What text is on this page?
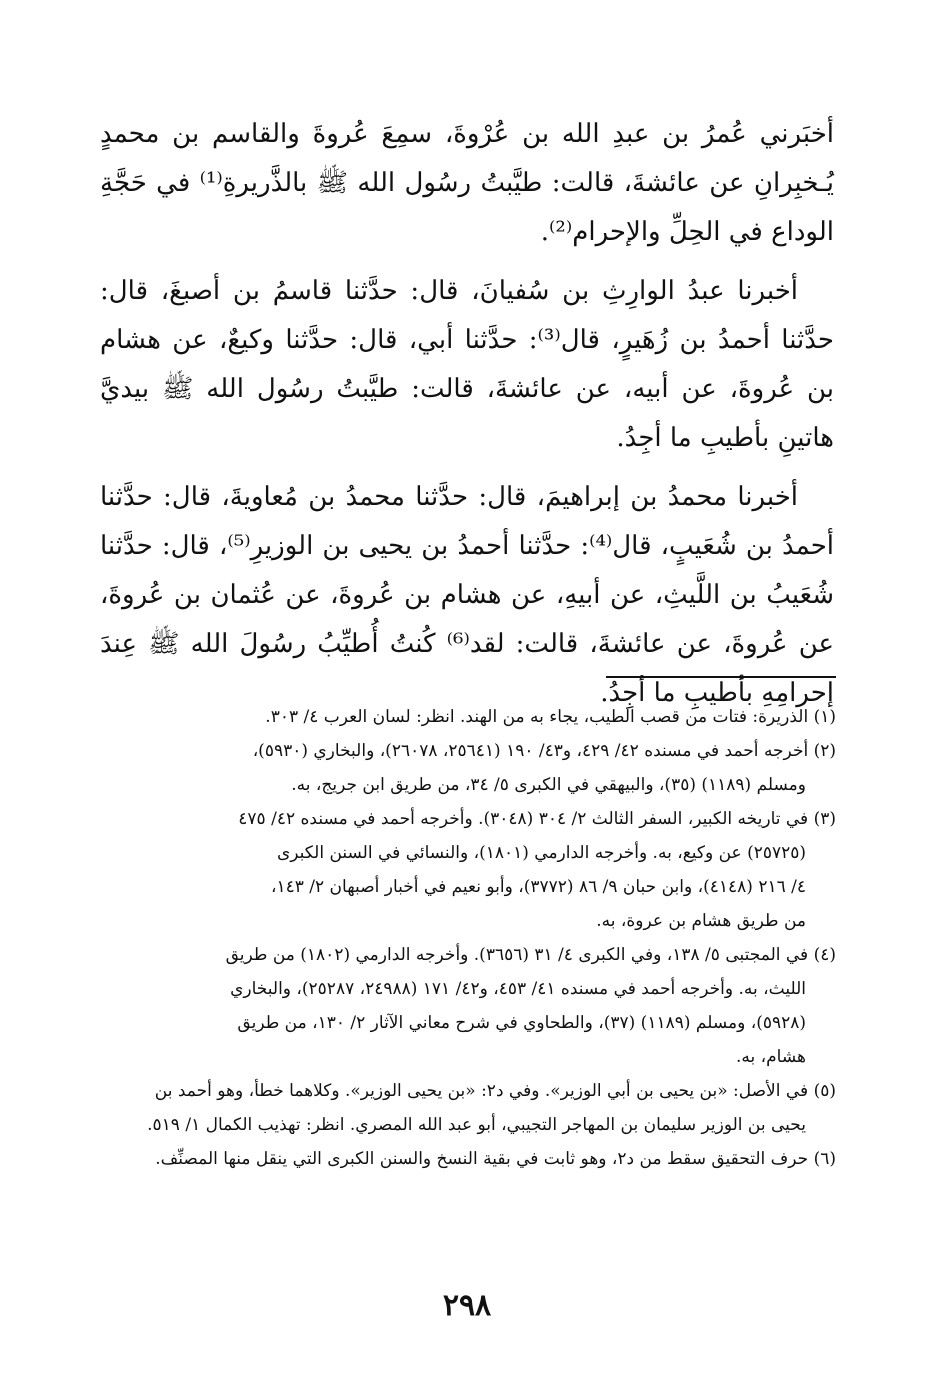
أخبَرني عُمرُ بن عبدِ الله بن عُرْوةَ، سمِعَ عُروةَ والقاسم بن محمدٍ يُـخبِرانِ عن عائشةَ، قالت: طيَّبتُ رسُول الله ﷺ بالذَّريرةِ⁽¹⁾ في حَجَّةِ الوداع في الحِلِّ والإحرام⁽²⁾.

أخبرنا عبدُ الوارِثِ بن سُفيانَ، قال: حدَّثنا قاسمُ بن أصبغَ، قال: حدَّثنا أحمدُ بن زُهَيرٍ، قال⁽³⁾: حدَّثنا أبي، قال: حدَّثنا وكيعٌ، عن هشام بن عُروةَ، عن أبيه، عن عائشةَ، قالت: طيَّبتُ رسُول الله ﷺ بيديَّ هاتينِ بأطيبِ ما أجِدُ.

أخبرنا محمدُ بن إبراهيمَ، قال: حدَّثنا محمدُ بن مُعاويةَ، قال: حدَّثنا أحمدُ بن شُعَيبٍ، قال⁽⁴⁾: حدَّثنا أحمدُ بن يحيى بن الوزيرِ⁽⁵⁾، قال: حدَّثنا شُعَيبُ بن اللَّيثِ، عن أبيهِ، عن هشام بن عُروةَ، عن عُثمان بن عُروةَ، عن عُروةَ، عن عائشةَ، قالت: لقد⁽⁶⁾ كُنتُ أُطيِّبُ رسُولَ الله ﷺ عِندَ إحرامِهِ بأطيبِ ما أجِدُ.

(١) الذريرة: فتات من قصب الطيب، يجاء به من الهند. انظر: لسان العرب ٤/ ٣٠٣.

(٢) أخرجه أحمد في مسنده ٤٢/ ٤٢٩، و٤٣/ ١٩٠ (٢٥٦٤١، ٢٦٠٧٨)، والبخاري (٥٩٣٠)،

ومسلم (١١٨٩) (٣٥)، والبيهقي في الكبرى ٥/ ٣٤، من طريق ابن جريج، به.

(٣) في تاريخه الكبير، السفر الثالث ٢/ ٣٠٤ (٣٠٤٨). وأخرجه أحمد في مسنده ٤٢/ ٤٧٥

(٢٥٧٢٥) عن وكيع، به. وأخرجه الدارمي (١٨٠١)، والنسائي في السنن الكبرى

٤/ ٢١٦ (٤١٤٨)، وابن حبان ٩/ ٨٦ (٣٧٧٢)، وأبو نعيم في أخبار أصبهان ٢/ ١٤٣،

من طريق هشام بن عروة، به.

(٤) في المجتبى ٥/ ١٣٨، وفي الكبرى ٤/ ٣١ (٣٦٥٦). وأخرجه الدارمي (١٨٠٢) من طريق

الليث، به. وأخرجه أحمد في مسنده ٤١/ ٤٥٣، و٤٢/ ١٧١ (٢٤٩٨٨، ٢٥٢٨٧)، والبخاري

(٥٩٢٨)، ومسلم (١١٨٩) (٣٧)، والطحاوي في شرح معاني الآثار ٢/ ١٣٠، من طريق

هشام، به.

(٥) في الأصل: «بن يحيى بن أبي الوزير». وفي د٢: «بن يحيى الوزير». وكلاهما خطأ، وهو أحمد بن

يحيى بن الوزير سليمان بن المهاجر التجيبي، أبو عبد الله المصري. انظر: تهذيب الكمال ١/ ٥١٩.

(٦) حرف التحقيق سقط من د٢، وهو ثابت في بقية النسخ والسنن الكبرى التي ينقل منها المصنِّف.

٢٩٨
